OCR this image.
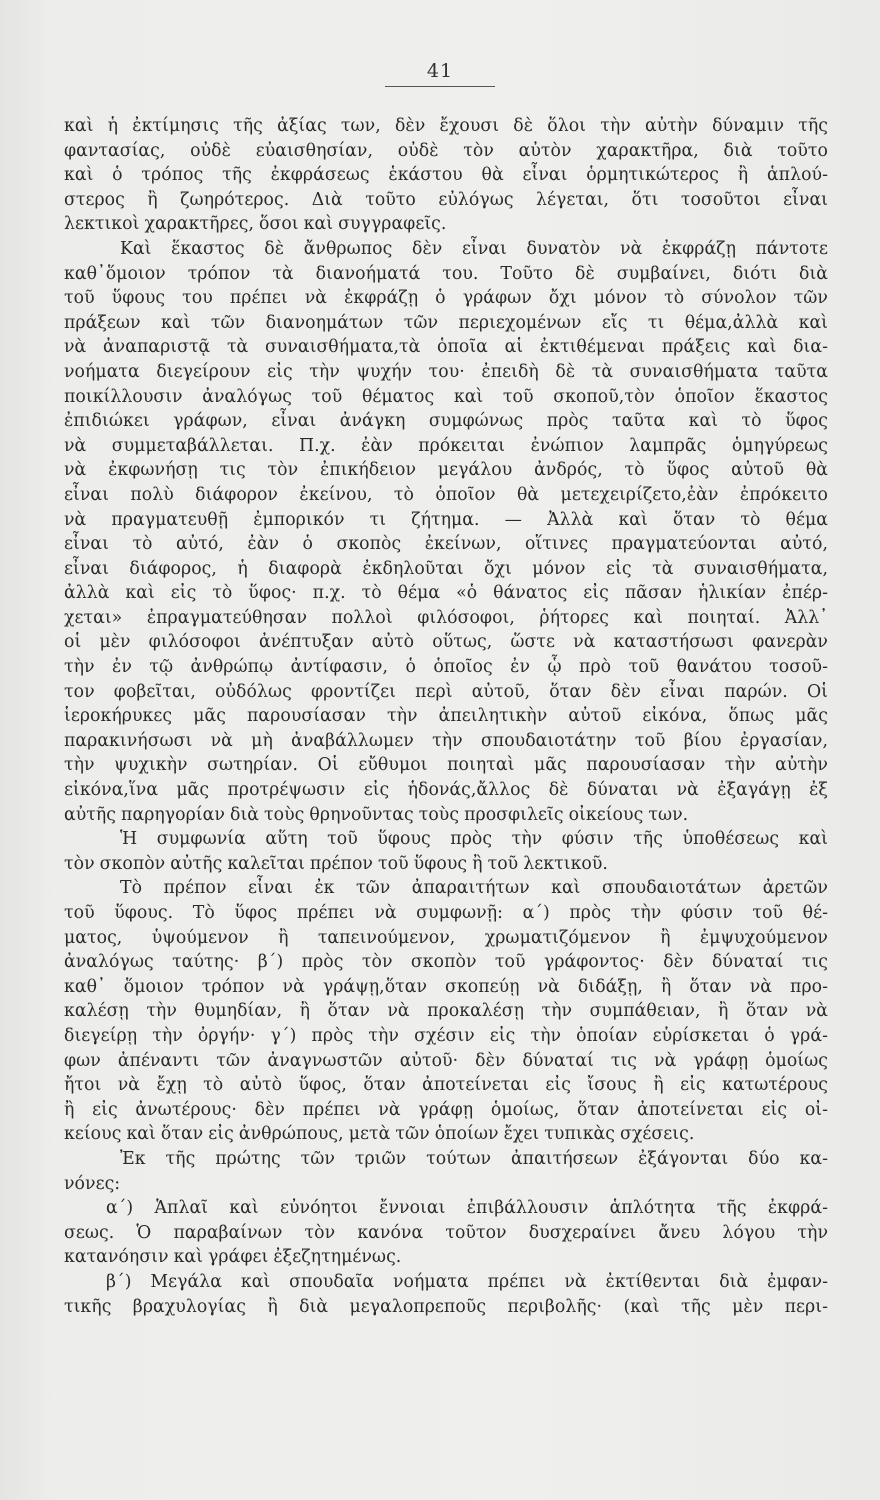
41
καὶ ἡ ἐκτίμησις τῆς ἀξίας των, δὲν ἔχουσι δὲ ὅλοι τὴν αὐτὴν δύναμιν τῆς
φαντασίας, οὐδὲ εὐαισθησίαν, οὐδὲ τὸν αὐτὸν χαρακτῆρα, διὰ τοῦτο
καὶ ὁ τρόπος τῆς ἐκφράσεως ἑκάστου θὰ εἶναι ὁρμητικώτερος ἢ ἁπλού-
στερος ἢ ζωηρότερος. Διὰ τοῦτο εὐλόγως λέγεται, ὅτι τοσοῦτοι εἶναι
λεκτικοὶ χαρακτῆρες, ὅσοι καὶ συγγραφεῖς.
Καὶ ἕκαστος δὲ ἄνθρωπος δὲν εἶναι δυνατὸν νὰ ἐκφράζῃ πάντοτε
καθ᾽ὅμοιον τρόπον τὰ διανοήματά του. Τοῦτο δὲ συμβαίνει, διότι διὰ
τοῦ ὕφους του πρέπει νὰ ἐκφράζῃ ὁ γράφων ὄχι μόνον τὸ σύνολον τῶν
πράξεων καὶ τῶν διανοημάτων τῶν περιεχομένων εἴς τι θέμα,ἀλλὰ καὶ
νὰ ἀναπαριστᾷ τὰ συναισθήματα,τὰ ὁποῖα αἱ ἐκτιθέμεναι πράξεις καὶ δια-
νοήματα διεγείρουν εἰς τὴν ψυχήν του· ἐπειδὴ δὲ τὰ συναισθήματα ταῦτα
ποικίλλουσιν ἀναλόγως τοῦ θέματος καὶ τοῦ σκοποῦ,τὸν ὁποῖον ἕκαστος
ἐπιδιώκει γράφων, εἶναι ἀνάγκη συμφώνως πρὸς ταῦτα καὶ τὸ ὕφος
νὰ συμμεταβάλλεται. Π.χ. ἐὰν πρόκειται ἐνώπιον λαμπρᾶς ὁμηγύρεως
νὰ ἐκφωνήσῃ τις τὸν ἐπικήδειον μεγάλου ἀνδρός, τὸ ὕφος αὐτοῦ θὰ
εἶναι πολὺ διάφορον ἐκείνου, τὸ ὁποῖον θὰ μετεχειρίζετο,ἐὰν ἐπρόκειτο
νὰ πραγματευθῇ ἐμπορικόν τι ζήτημα. — Ἀλλὰ καὶ ὅταν τὸ θέμα
εἶναι τὸ αὐτό, ἐὰν ὁ σκοπὸς ἐκείνων, οἵτινες πραγματεύονται αὐτό,
εἶναι διάφορος, ἡ διαφορὰ ἐκδηλοῦται ὄχι μόνον εἰς τὰ συναισθήματα,
ἀλλὰ καὶ εἰς τὸ ὕφος· π.χ. τὸ θέμα «ὁ θάνατος εἰς πᾶσαν ἡλικίαν ἐπέρ-
χεται» ἐπραγματεύθησαν πολλοὶ φιλόσοφοι, ῥήτορες καὶ ποιηταί. Ἀλλ᾽
οἱ μὲν φιλόσοφοι ἀνέπτυξαν αὐτὸ οὕτως, ὥστε νὰ καταστήσωσι φανερὰν
τὴν ἐν τῷ ἀνθρώπῳ ἀντίφασιν, ὁ ὁποῖος ἐν ᾧ πρὸ τοῦ θανάτου τοσοῦ-
τον φοβεῖται, οὐδόλως φροντίζει περὶ αὐτοῦ, ὅταν δὲν εἶναι παρών. Οἱ
ἱεροκήρυκες μᾶς παρουσίασαν τὴν ἀπειλητικὴν αὐτοῦ εἰκόνα, ὅπως μᾶς
παρακινήσωσι νὰ μὴ ἀναβάλλωμεν τὴν σπουδαιοτάτην τοῦ βίου ἐργασίαν,
τὴν ψυχικὴν σωτηρίαν. Οἱ εὔθυμοι ποιηταὶ μᾶς παρουσίασαν τὴν αὐτὴν
εἰκόνα,ἵνα μᾶς προτρέψωσιν εἰς ἡδονάς,ἄλλος δὲ δύναται νὰ ἐξαγάγῃ ἐξ
αὐτῆς παρηγορίαν διὰ τοὺς θρηνοῦντας τοὺς προσφιλεῖς οἰκείους των.
Ἡ συμφωνία αὕτη τοῦ ὕφους πρὸς τὴν φύσιν τῆς ὑποθέσεως καὶ
τὸν σκοπὸν αὐτῆς καλεῖται πρέπον τοῦ ὕφους ἢ τοῦ λεκτικοῦ.
Τὸ πρέπον εἶναι ἐκ τῶν ἀπαραιτήτων καὶ σπουδαιοτάτων ἀρετῶν
τοῦ ὕφους. Τὸ ὕφος πρέπει νὰ συμφωνῇ: α΄) πρὸς τὴν φύσιν τοῦ θέ-
ματος, ὑψούμενον ἢ ταπεινούμενον, χρωματιζόμενον ἢ ἐμψυχούμενον
ἀναλόγως ταύτης· β΄) πρὸς τὸν σκοπὸν τοῦ γράφοντος· δὲν δύναταί τις
καθ᾽ ὅμοιον τρόπον νὰ γράψῃ,ὅταν σκοπεύῃ νὰ διδάξῃ, ἢ ὅταν νὰ προ-
καλέσῃ τὴν θυμηδίαν, ἢ ὅταν νὰ προκαλέσῃ τὴν συμπάθειαν, ἢ ὅταν νὰ
διεγείρῃ τὴν ὀργήν· γ΄) πρὸς τὴν σχέσιν εἰς τὴν ὁποίαν εὑρίσκεται ὁ γρά-
φων ἀπέναντι τῶν ἀναγνωστῶν αὐτοῦ· δὲν δύναταί τις νὰ γράφῃ ὁμοίως
ἤτοι νὰ ἔχῃ τὸ αὐτὸ ὕφος, ὅταν ἀποτείνεται εἰς ἴσους ἢ εἰς κατωτέρους
ἢ εἰς ἀνωτέρους· δὲν πρέπει νὰ γράφῃ ὁμοίως, ὅταν ἀποτείνεται εἰς οἰ-
κείους καὶ ὅταν εἰς ἀνθρώπους, μετὰ τῶν ὁποίων ἔχει τυπικὰς σχέσεις.
Ἐκ τῆς πρώτης τῶν τριῶν τούτων ἀπαιτήσεων ἐξάγονται δύο κα-
νόνες:
α΄) Ἁπλαῖ καὶ εὐνόητοι ἔννοιαι ἐπιβάλλουσιν ἁπλότητα τῆς ἐκφρά-
σεως. Ὁ παραβαίνων τὸν κανόνα τοῦτον δυσχεραίνει ἄνευ λόγου τὴν
κατανόησιν καὶ γράφει ἐξεζητημένως.
β΄) Μεγάλα καὶ σπουδαῖα νοήματα πρέπει νὰ ἐκτίθενται διὰ ἐμφαν-
τικῆς βραχυλογίας ἢ διὰ μεγαλοπρεποῦς περιβολῆς· (καὶ τῆς μὲν περι-
